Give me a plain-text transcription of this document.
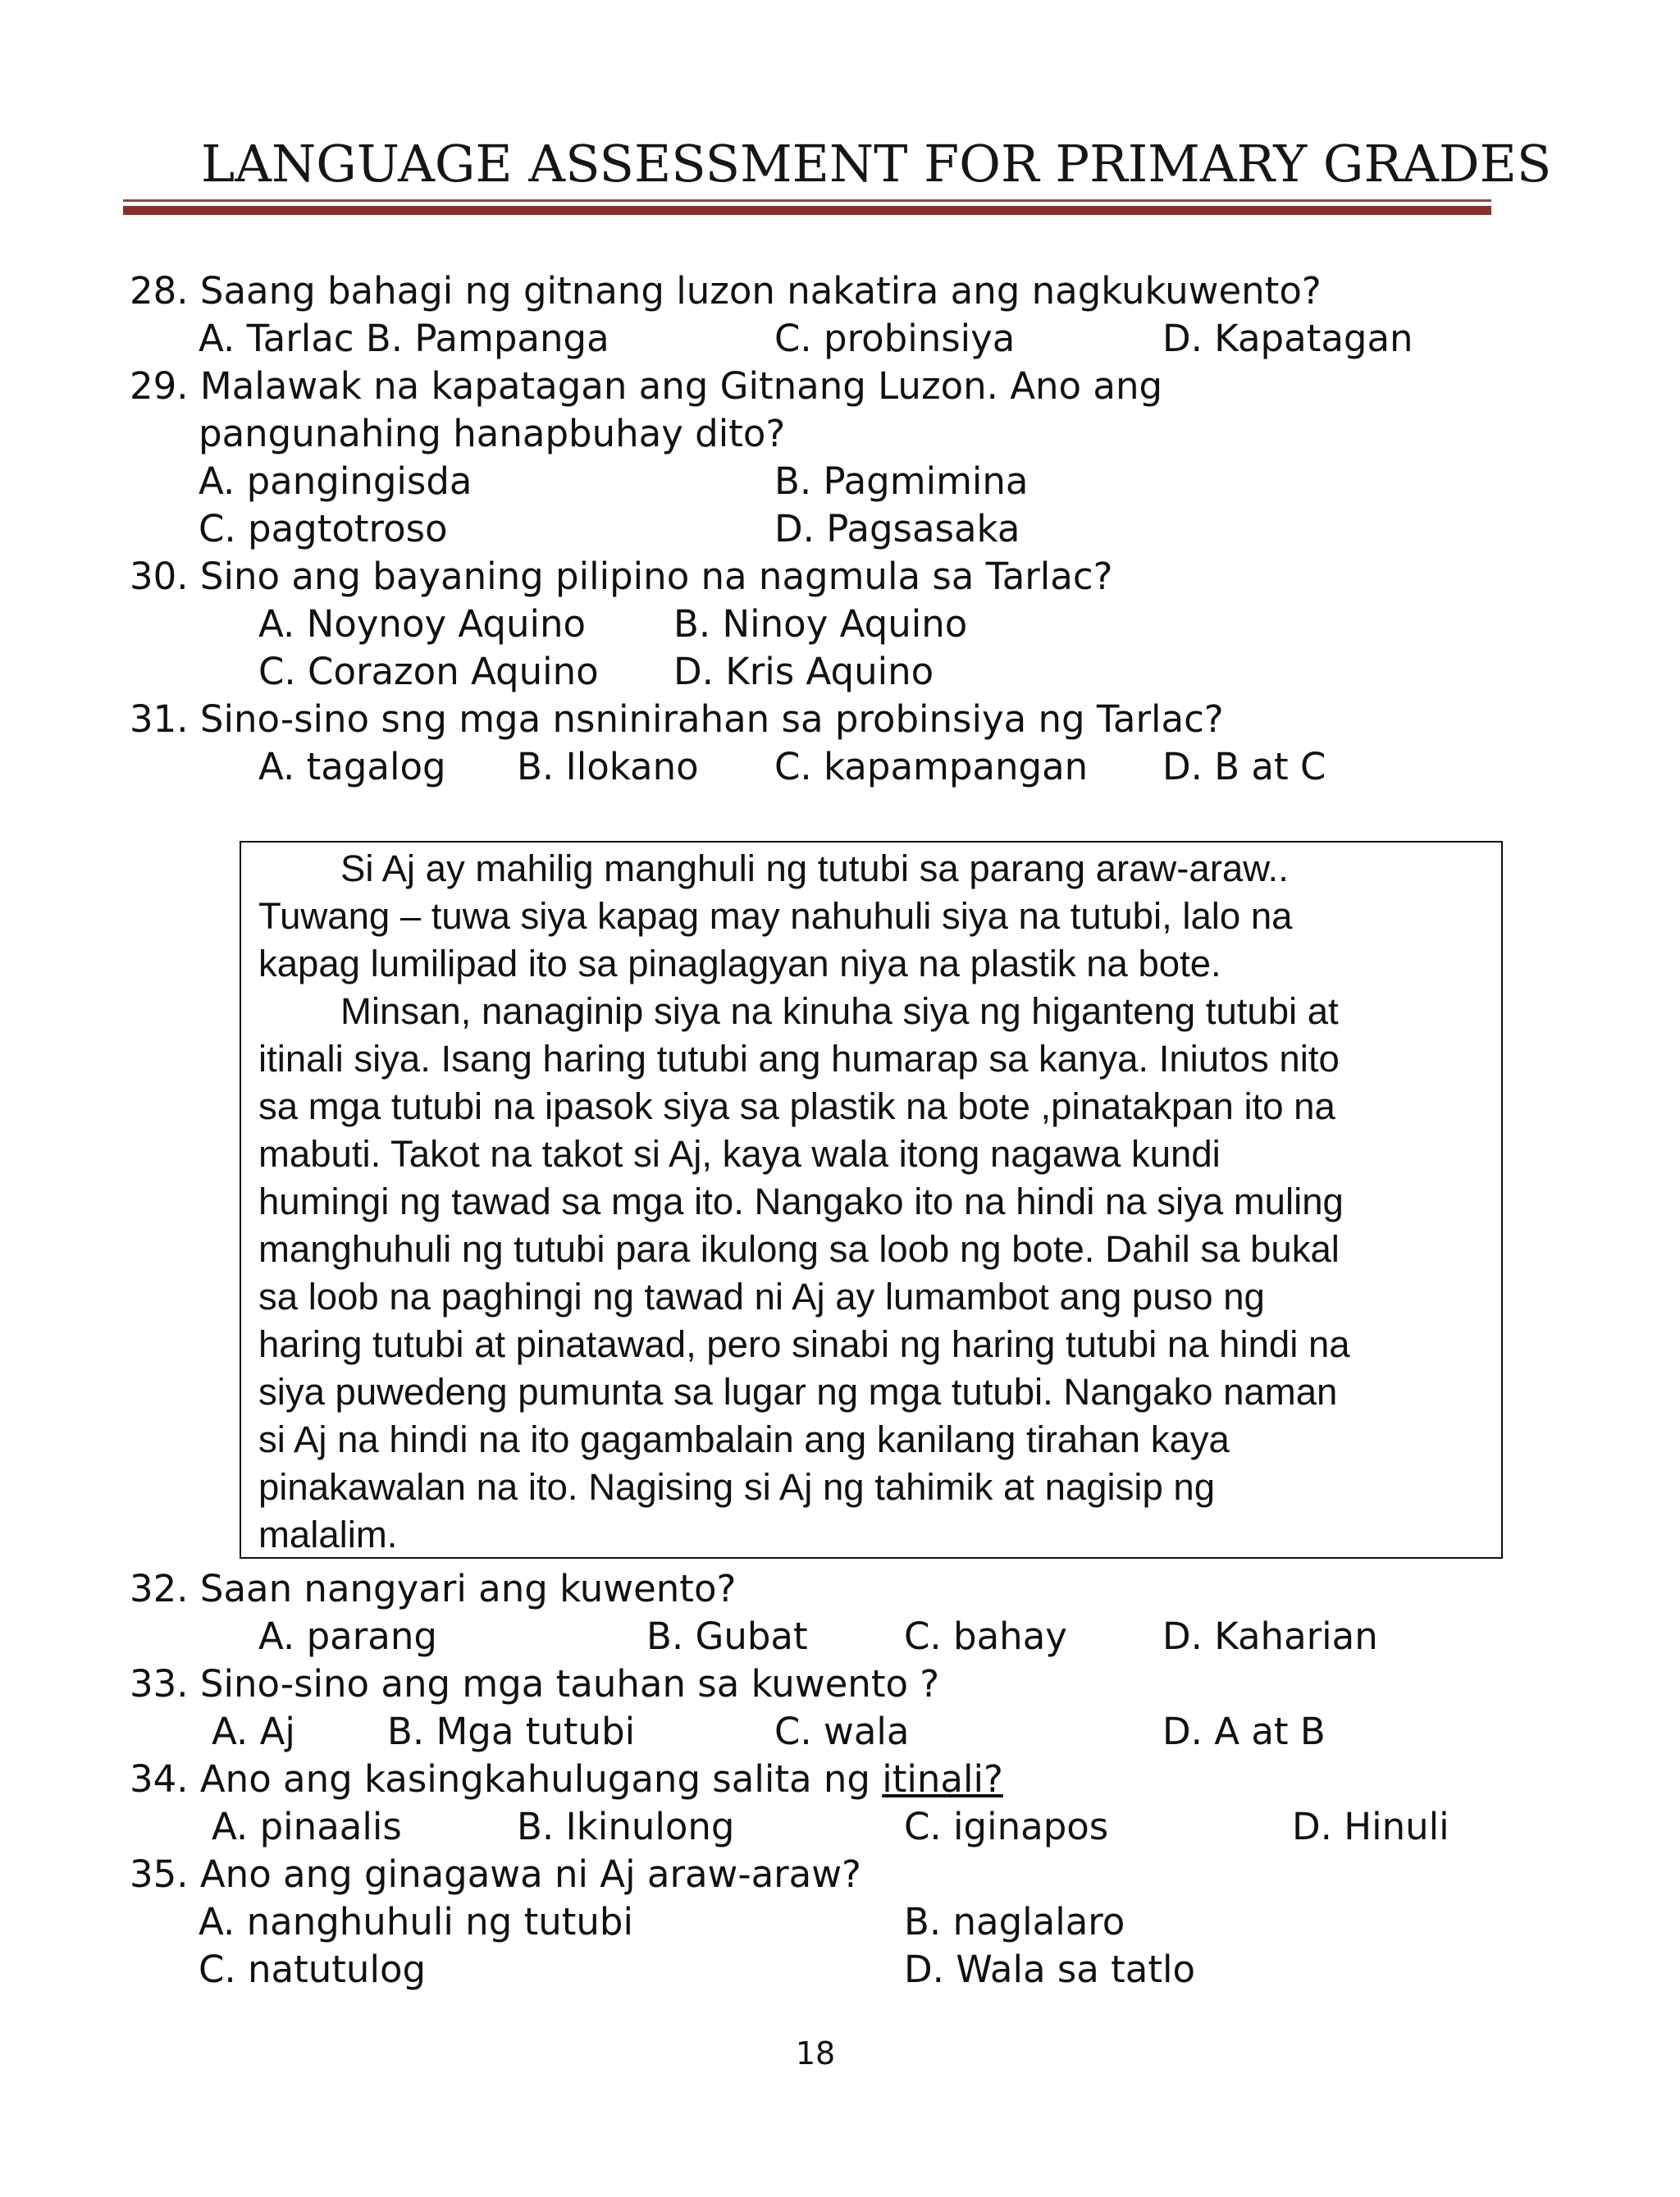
LANGUAGE ASSESSMENT FOR PRIMARY GRADES
28. Saang bahagi ng gitnang luzon nakatira ang nagkukuwento?
A. Tarlac B. Pampanga	C. probinsiya	D. Kapatagan
29. Malawak na kapatagan ang Gitnang Luzon. Ano ang
pangunahing hanapbuhay dito?
A. pangingisda	B. Pagmimina
C. pagtotroso	D. Pagsasaka
30. Sino ang bayaning pilipino na nagmula sa Tarlac?
A. Noynoy Aquino B. Ninoy Aquino
C. Corazon Aquino D. Kris Aquino
31. Sino-sino sng mga nsninirahan sa probinsiya ng Tarlac?
A. tagalog B. Ilokano C. kapampangan D. B at C
Si Aj ay mahilig manghuli ng tutubi sa parang araw-araw..
Tuwang – tuwa siya kapag may nahuhuli siya na tutubi, lalo na
kapag lumilipad ito sa pinaglagyan niya na plastik na bote.
Minsan, nanaginip siya na kinuha siya ng higanteng tutubi at
itinali siya. Isang haring tutubi ang humarap sa kanya. Iniutos nito
sa mga tutubi na ipasok siya sa plastik na bote ,pinatakpan ito na
mabuti. Takot na takot si Aj, kaya wala itong nagawa kundi
humingi ng tawad sa mga ito. Nangako ito na hindi na siya muling
manghuhuli ng tutubi para ikulong sa loob ng bote. Dahil sa bukal
sa loob na paghingi ng tawad ni Aj ay lumambot ang puso ng
haring tutubi at pinatawad, pero sinabi ng haring tutubi na hindi na
siya puwedeng pumunta sa lugar ng mga tutubi. Nangako naman
si Aj na hindi na ito gagambalain ang kanilang tirahan kaya
pinakawalan na ito. Nagising si Aj ng tahimik at nagisip ng
malalim.
32. Saan nangyari ang kuwento?
A. parang	B. Gubat	C. bahay	D. Kaharian
33. Sino-sino ang mga tauhan sa kuwento ?
A. Aj B. Mga tutubi	C. wala	D. A at B
34. Ano ang kasingkahulugang salita ng itinali?
A. pinaalis	B. Ikinulong	C. iginapos	D. Hinuli
35. Ano ang ginagawa ni Aj araw-araw?
A. nanghuhuli ng tutubi	B. naglalaro
C. natutulog	D. Wala sa tatlo
18
